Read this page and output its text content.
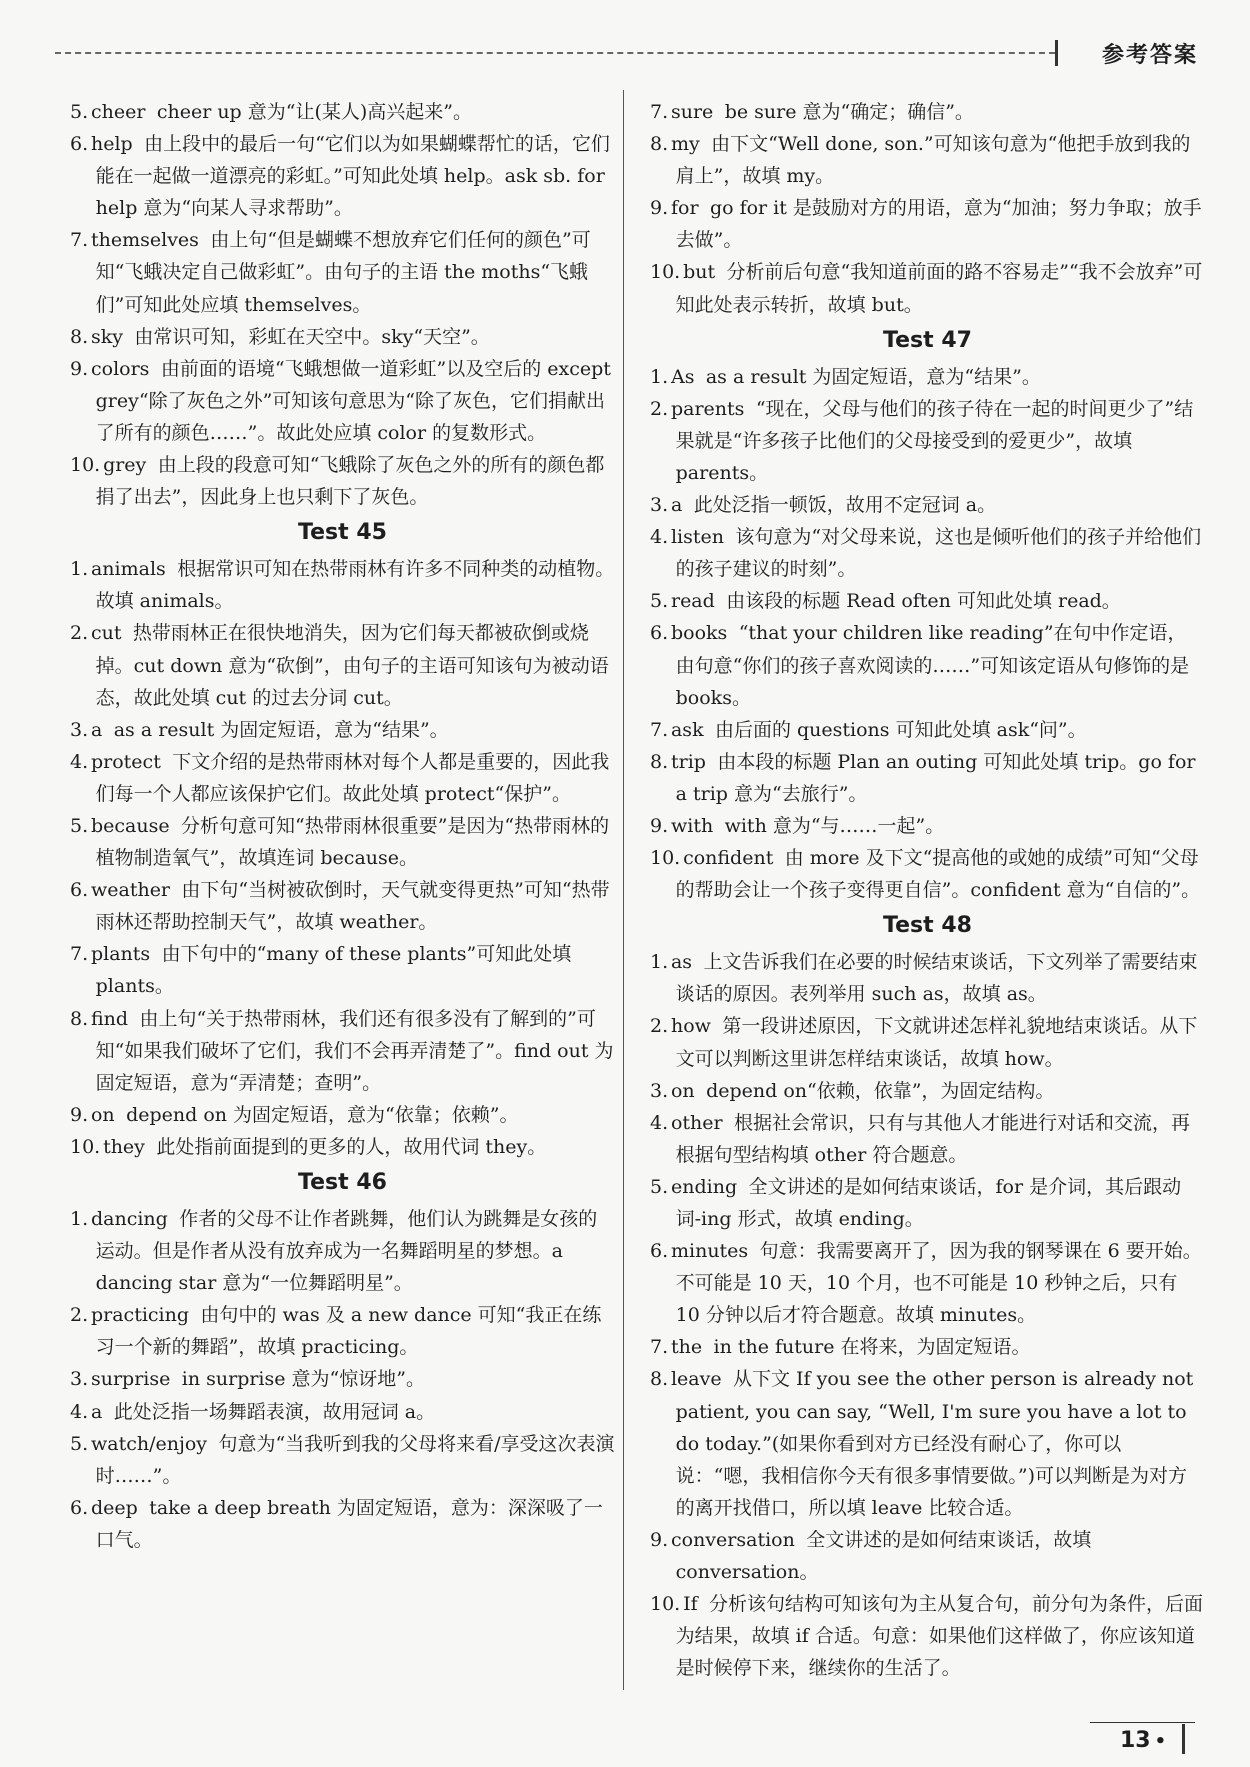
参考答案

5. cheer cheer up 意为“让(某人)高兴起来”。

6. help 由上段中的最后一句“它们以为如果蝴蝶帮忙的话，它们能在一起做一道漂亮的彩虹。”可知此处填 help。ask sb. for help 意为“向某人寻求帮助”。

7. themselves 由上句“但是蝴蝶不想放弃它们任何的颜色”可知“飞蛾决定自己做彩虹”。由句子的主语 the moths“飞蛾们”可知此处应填 themselves。

8. sky 由常识可知，彩虹在天空中。sky“天空”。

9. colors 由前面的语境“飞蛾想做一道彩虹”以及空后的 except grey“除了灰色之外”可知该句意思为“除了灰色，它们捐献出了所有的颜色……”。故此处应填 color 的复数形式。

10. grey 由上段的段意可知“飞蛾除了灰色之外的所有的颜色都捐了出去”，因此身上也只剩下了灰色。

Test 45

1. animals 根据常识可知在热带雨林有许多不同种类的动植物。故填 animals。

2. cut 热带雨林正在很快地消失，因为它们每天都被砍倒或烧掉。cut down 意为“砍倒”，由句子的主语可知该句为被动语态，故此处填 cut 的过去分词 cut。

3. a as a result 为固定短语，意为“结果”。

4. protect 下文介绍的是热带雨林对每个人都是重要的，因此我们每一个人都应该保护它们。故此处填 protect“保护”。

5. because 分析句意可知“热带雨林很重要”是因为“热带雨林的植物制造氧气”，故填连词 because。

6. weather 由下句“当树被砍倒时，天气就变得更热”可知“热带雨林还帮助控制天气”，故填 weather。

7. plants 由下句中的“many of these plants”可知此处填 plants。

8. find 由上句“关于热带雨林，我们还有很多没有了解到的”可知“如果我们破坏了它们，我们不会再弄清楚了”。find out 为固定短语，意为“弄清楚；查明”。

9. on depend on 为固定短语，意为“依靠；依赖”。

10. they 此处指前面提到的更多的人，故用代词 they。

Test 46

1. dancing 作者的父母不让作者跳舞，他们认为跳舞是女孩的运动。但是作者从没有放弃成为一名舞蹈明星的梦想。a dancing star 意为“一位舞蹈明星”。

2. practicing 由句中的 was 及 a new dance 可知“我正在练习一个新的舞蹈”，故填 practicing。

3. surprise in surprise 意为“惊讶地”。

4. a 此处泛指一场舞蹈表演，故用冠词 a。

5. watch/enjoy 句意为“当我听到我的父母将来看/享受这次表演时……”。

6. deep take a deep breath 为固定短语，意为：深深吸了一口气。

7. sure be sure 意为“确定；确信”。

8. my 由下文“Well done, son.”可知该句意为“他把手放到我的肩上”，故填 my。

9. for go for it 是鼓励对方的用语，意为“加油；努力争取；放手去做”。

10. but 分析前后句意“我知道前面的路不容易走”“我不会放弃”可知此处表示转折，故填 but。

Test 47

1. As as a result 为固定短语，意为“结果”。

2. parents “现在，父母与他们的孩子待在一起的时间更少了”结果就是“许多孩子比他们的父母接受到的爱更少”，故填 parents。

3. a 此处泛指一顿饭，故用不定冠词 a。

4. listen 该句意为“对父母来说，这也是倾听他们的孩子并给他们的孩子建议的时刻”。

5. read 由该段的标题 Read often 可知此处填 read。

6. books “that your children like reading”在句中作定语，由句意“你们的孩子喜欢阅读的……”可知该定语从句修饰的是 books。

7. ask 由后面的 questions 可知此处填 ask“问”。

8. trip 由本段的标题 Plan an outing 可知此处填 trip。go for a trip 意为“去旅行”。

9. with with 意为“与……一起”。

10. confident 由 more 及下文“提高他的或她的成绩”可知“父母的帮助会让一个孩子变得更自信”。confident 意为“自信的”。

Test 48

1. as 上文告诉我们在必要的时候结束谈话，下文列举了需要结束谈话的原因。表列举用 such as，故填 as。

2. how 第一段讲述原因，下文就讲述怎样礼貌地结束谈话。从下文可以判断这里讲怎样结束谈话，故填 how。

3. on depend on“依赖，依靠”，为固定结构。

4. other 根据社会常识，只有与其他人才能进行对话和交流，再根据句型结构填 other 符合题意。

5. ending 全文讲述的是如何结束谈话，for 是介词，其后跟动词-ing 形式，故填 ending。

6. minutes 句意：我需要离开了，因为我的钢琴课在 6 要开始。不可能是 10 天，10 个月，也不可能是 10 秒钟之后，只有 10 分钟以后才符合题意。故填 minutes。

7. the in the future 在将来，为固定短语。

8. leave 从下文 If you see the other person is already not patient, you can say, “Well, I'm sure you have a lot to do today.”(如果你看到对方已经没有耐心了，你可以说：“嗯，我相信你今天有很多事情要做。”)可以判断是为对方的离开找借口，所以填 leave 比较合适。

9. conversation 全文讲述的是如何结束谈话，故填 conversation。

10. If 分析该句结构可知该句为主从复合句，前分句为条件，后面为结果，故填 if 合适。句意：如果他们这样做了，你应该知道是时候停下来，继续你的生活了。

13 •
